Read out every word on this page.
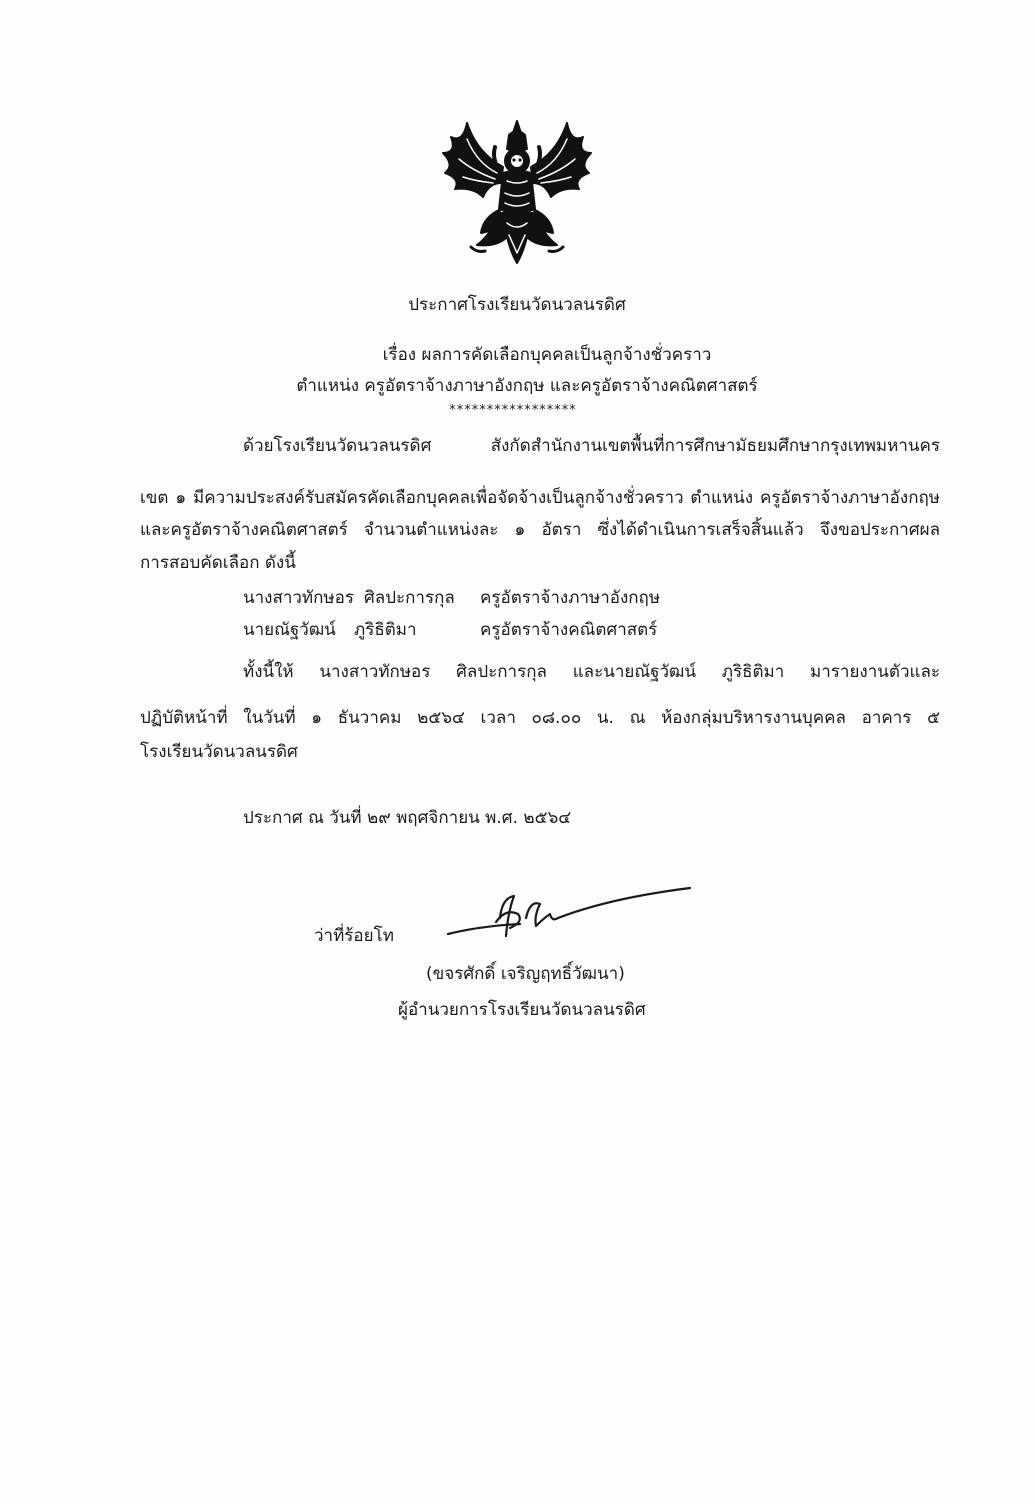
ประกาศโรงเรียนวัดนวลนรดิศ
เรื่อง ผลการคัดเลือกบุคคลเป็นลูกจ้างชั่วคราว
ตำแหน่ง ครูอัตราจ้างภาษาอังกฤษ และครูอัตราจ้างคณิตศาสตร์
*****************
ด้วยโรงเรียนวัดนวลนรดิศ สังกัดสำนักงานเขตพื้นที่การศึกษามัธยมศึกษากรุงเทพมหานคร
เขต ๑ มีความประสงค์รับสมัครคัดเลือกบุคคลเพื่อจัดจ้างเป็นลูกจ้างชั่วคราว ตำแหน่ง ครูอัตราจ้างภาษาอังกฤษ
และครูอัตราจ้างคณิตศาสตร์ จำนวนตำแหน่งละ ๑ อัตรา ซึ่งได้ดำเนินการเสร็จสิ้นแล้ว จึงขอประกาศผล
การสอบคัดเลือก ดังนี้
นางสาวทักษอร ศิลปะการกุล ครูอัตราจ้างภาษาอังกฤษ
นายณัฐวัฒน์ ภูริธิติมา	ครูอัตราจ้างคณิตศาสตร์
ทั้งนี้ให้ นางสาวทักษอร ศิลปะการกุล และนายณัฐวัฒน์ ภูริธิติมา มารายงานตัวและ
ปฏิบัติหน้าที่ ในวันที่ ๑ ธันวาคม ๒๕๖๔ เวลา ๐๘.๐๐ น. ณ ห้องกลุ่มบริหารงานบุคคล อาคาร ๕
โรงเรียนวัดนวลนรดิศ
ประกาศ ณ วันที่ ๒๙ พฤศจิกายน พ.ศ. ๒๕๖๔
ว่าที่ร้อยโท
(ขจรศักดิ์ เจริญฤทธิ์วัฒนา)
ผู้อำนวยการโรงเรียนวัดนวลนรดิศ
